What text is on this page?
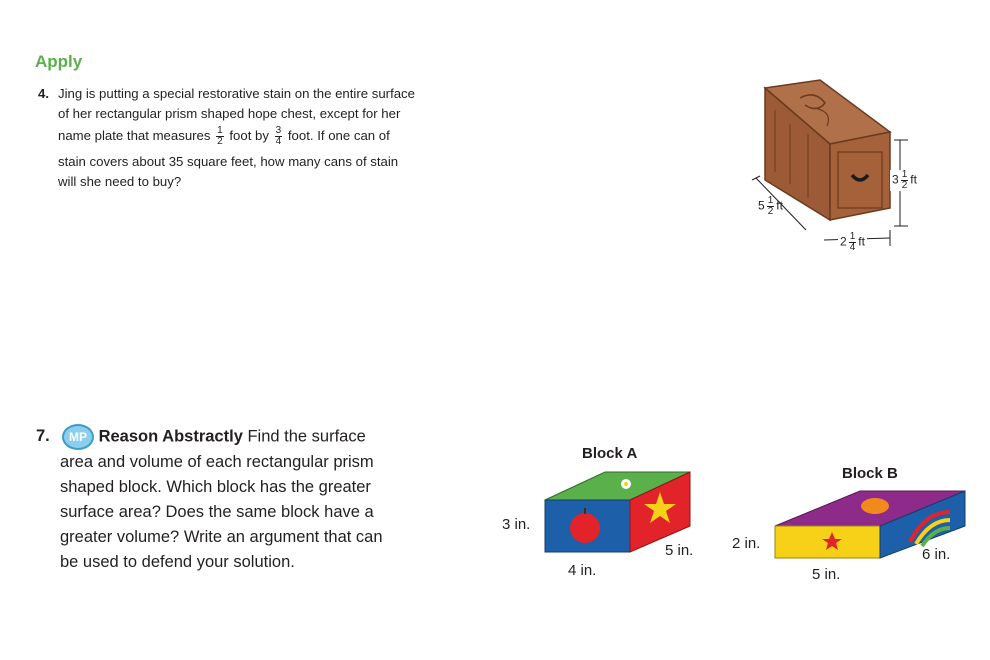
Apply
4. Jing is putting a special restorative stain on the entire surface
of her rectangular prism shaped hope chest, except for her
name plate that measures $\frac{1}{2}$ foot by $\frac{3}{4}$ foot. If one can of
stain covers about 35 square feet, how many cans of stain
will she need to buy?
$5 \frac{1}{2}$ ft
$2 \frac{1}{4}$ ft
$3 \frac{1}{2}$ ft
7.	MP Reason Abstractly Find the surface
area and volume of each rectangular prism
shaped block. Which block has the greater
surface area? Does the same block have a
greater volume? Write an argument that can
be used to defend your solution.
Block A
3 in.
4 in.
5 in.
Block B
2 in.
5 in.
6 in.
